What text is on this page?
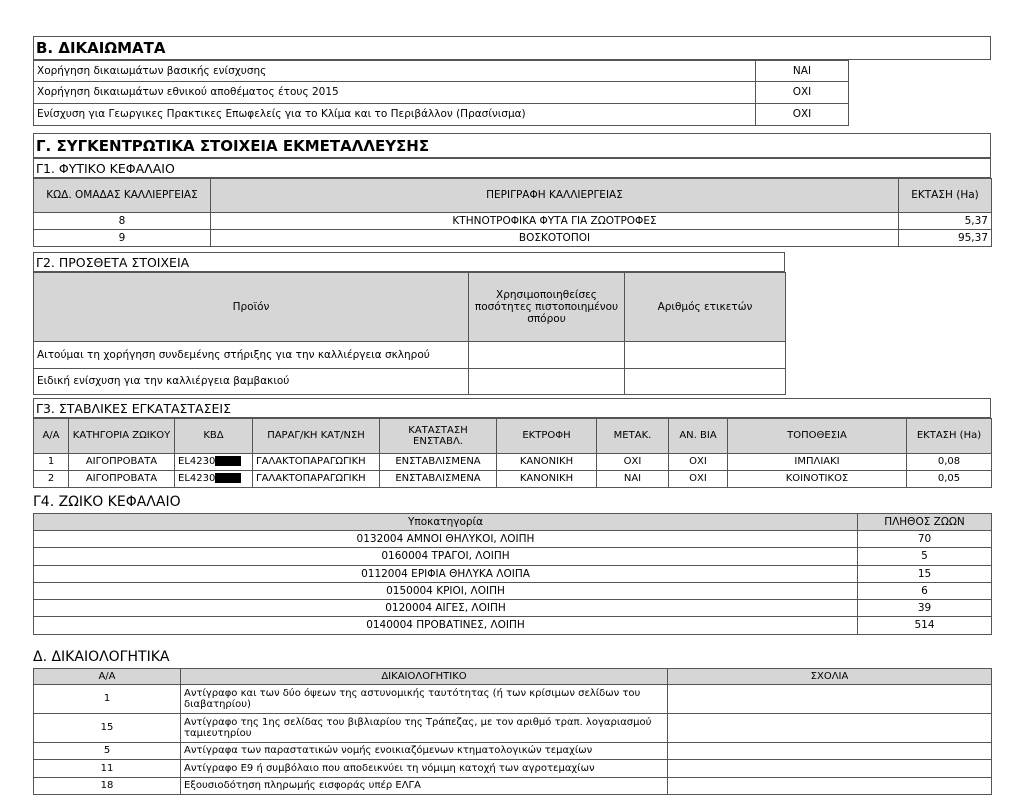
Β. ΔΙΚΑΙΩΜΑΤΑ
Χορήγηση δικαιωμάτων βασικής ενίσχυσης	ΝΑΙ
Χορήγηση δικαιωμάτων εθνικού αποθέματος έτους 2015	ΟΧΙ
Ενίσχυση για Γεωργικες Πρακτικες Επωφελείς για το Κλίμα και το Περιβάλλον (Πρασίνισμα)	ΟΧΙ
Γ. ΣΥΓΚΕΝΤΡΩΤΙΚΑ ΣΤΟΙΧΕΙΑ ΕΚΜΕΤΑΛΛΕΥΣΗΣ
Γ1. ΦΥΤΙΚΟ ΚΕΦΑΛΑΙΟ
ΚΩΔ. ΟΜΑΔΑΣ ΚΑΛΛΙΕΡΓΕΙΑΣ	ΠΕΡΙΓΡΑΦΗ ΚΑΛΛΙΕΡΓΕΙΑΣ	ΕΚΤΑΣΗ (Ha)
8	ΚΤΗΝΟΤΡΟΦΙΚΑ ΦΥΤΑ ΓΙΑ ΖΩΟΤΡΟΦΕΣ	5,37
9	ΒΟΣΚΟΤΟΠΟΙ	95,37
Γ2. ΠΡΟΣΘΕΤΑ ΣΤΟΙΧΕΙΑ
Προϊόν	Χρησιμοποιηθείσες ποσότητες πιστοποιημένου σπόρου	Αριθμός ετικετών
Αιτούμαι τη χορήγηση συνδεμένης στήριξης για την καλλιέργεια σκληρού		
Ειδική ενίσχυση για την καλλιέργεια βαμβακιού		
Γ3. ΣΤΑΒΛΙΚΕΣ ΕΓΚΑΤΑΣΤΑΣΕΙΣ
Α/Α	ΚΑΤΗΓΟΡΙΑ ΖΩΙΚΟΥ	ΚΒΔ	ΠΑΡΑΓ/ΚΗ ΚΑΤ/ΝΣΗ	ΚΑΤΑΣΤΑΣΗ ΕΝΣΤΑΒΛ.	ΕΚΤΡΟΦΗ	ΜΕΤΑΚ.	ΑΝ. ΒΙΑ	ΤΟΠΟΘΕΣΙΑ	ΕΚΤΑΣΗ (Ha)
1	ΑΙΓΟΠΡΟΒΑΤΑ	EL4230	ΓΑΛΑΚΤΟΠΑΡΑΓΩΓΙΚΗ	ΕΝΣΤΑΒΛΙΣΜΕΝΑ	ΚΑΝΟΝΙΚΗ	ΟΧΙ	ΟΧΙ	ΙΜΠΛΙΑΚΙ	0,08
2	ΑΙΓΟΠΡΟΒΑΤΑ	EL4230	ΓΑΛΑΚΤΟΠΑΡΑΓΩΓΙΚΗ	ΕΝΣΤΑΒΛΙΣΜΕΝΑ	ΚΑΝΟΝΙΚΗ	ΝΑΙ	ΟΧΙ	ΚΟΙΝΟΤΙΚΟΣ	0,05
Γ4. ΖΩΙΚΟ ΚΕΦΑΛΑΙΟ
Υποκατηγορία	ΠΛΗΘΟΣ ΖΩΩΝ
0132004 ΑΜΝΟΙ ΘΗΛΥΚΟΙ, ΛΟΙΠΗ	70
0160004 ΤΡΑΓΟΙ, ΛΟΙΠΗ	5
0112004 ΕΡΙΦΙΑ ΘΗΛΥΚΑ ΛΟΙΠΑ	15
0150004 ΚΡΙΟΙ, ΛΟΙΠΗ	6
0120004 ΑΙΓΕΣ, ΛΟΙΠΗ	39
0140004 ΠΡΟΒΑΤΙΝΕΣ, ΛΟΙΠΗ	514
Δ. ΔΙΚΑΙΟΛΟΓΗΤΙΚΑ
Α/Α	ΔΙΚΑΙΟΛΟΓΗΤΙΚΟ	ΣΧΟΛΙΑ
1	Αντίγραφο και των δύο όψεων της αστυνομικής ταυτότητας (ή των κρίσιμων σελίδων του διαβατηρίου)	
15	Αντίγραφο της 1ης σελίδας του βιβλιαρίου της Τράπεζας, με τον αριθμό τραπ. λογαριασμού ταμιευτηρίου	
5	Αντίγραφα των παραστατικών νομής ενοικιαζόμενων κτηματολογικών τεμαχίων	
11	Αντίγραφο Ε9 ή συμβόλαιο που αποδεικνύει τη νόμιμη κατοχή των αγροτεμαχίων	
18	Εξουσιοδότηση πληρωμής εισφοράς υπέρ ΕΛΓΑ	
